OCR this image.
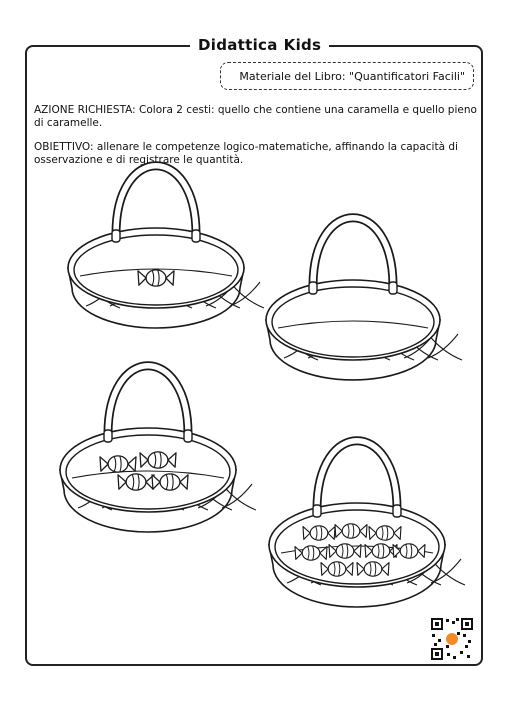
Didattica Kids
Materiale del Libro: "Quantificatori Facili"
AZIONE RICHIESTA: Colora 2 cesti: quello che contiene una caramella e quello pieno di caramelle.
OBIETTIVO: allenare le competenze logico-matematiche, affinando la capacità di osservazione e di registrare le quantità.
